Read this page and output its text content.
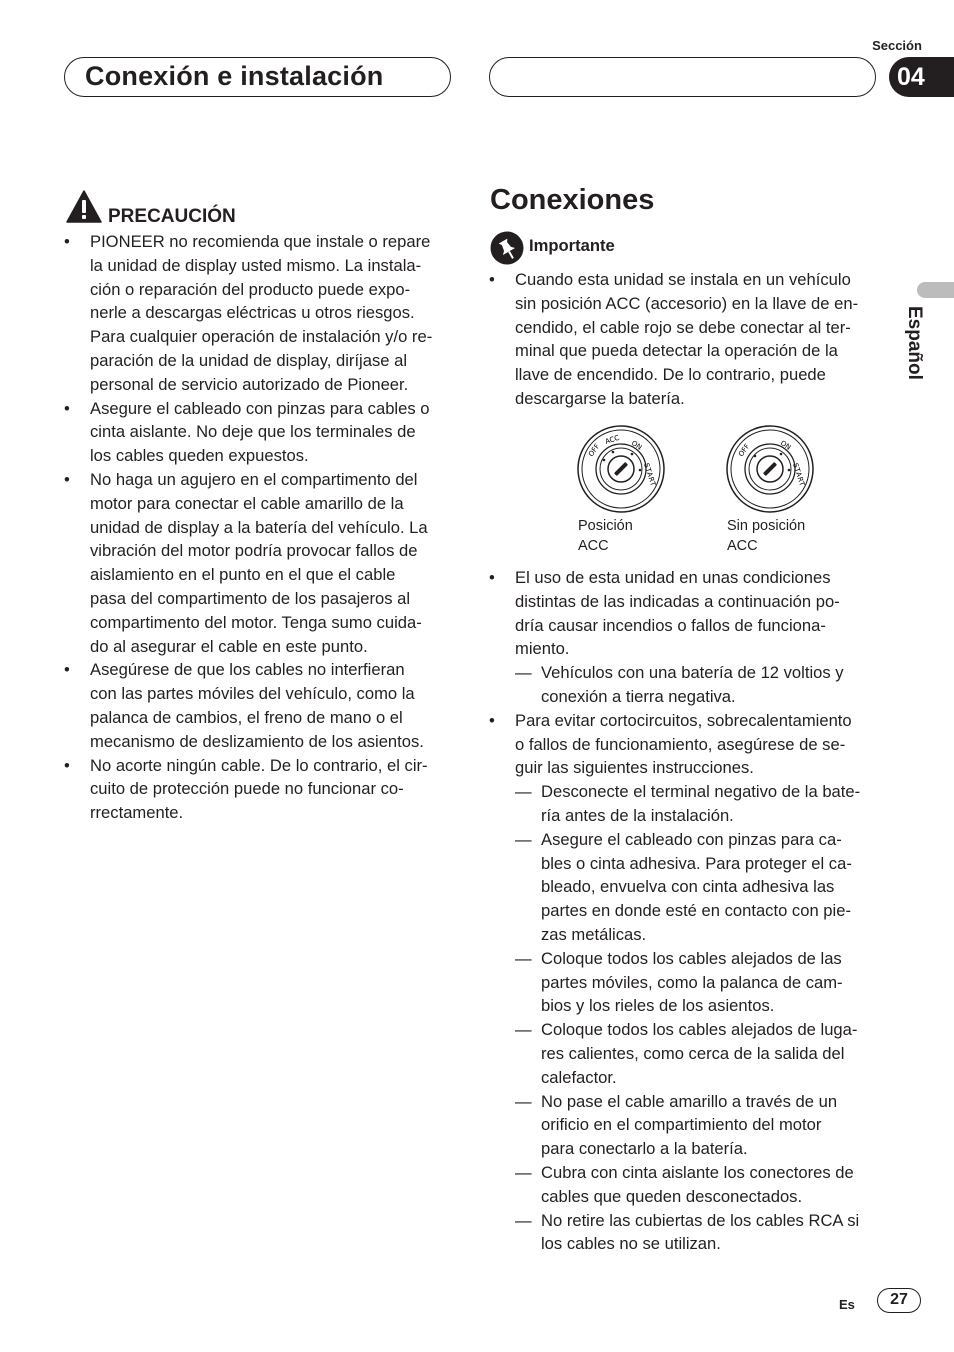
Conexión e instalación
Sección
04
Español
PRECAUCIÓN
• PIONEER no recomienda que instale o repare
la unidad de display usted mismo. La instala-
ción o reparación del producto puede expo-
nerle a descargas eléctricas u otros riesgos.
Para cualquier operación de instalación y/o re-
paración de la unidad de display, diríjase al
personal de servicio autorizado de Pioneer.
• Asegure el cableado con pinzas para cables o
cinta aislante. No deje que los terminales de
los cables queden expuestos.
• No haga un agujero en el compartimento del
motor para conectar el cable amarillo de la
unidad de display a la batería del vehículo. La
vibración del motor podría provocar fallos de
aislamiento en el punto en el que el cable
pasa del compartimento de los pasajeros al
compartimento del motor. Tenga sumo cuida-
do al asegurar el cable en este punto.
• Asegúrese de que los cables no interfieran
con las partes móviles del vehículo, como la
palanca de cambios, el freno de mano o el
mecanismo de deslizamiento de los asientos.
• No acorte ningún cable. De lo contrario, el cir-
cuito de protección puede no funcionar co-
rrectamente.
Conexiones
Importante
• Cuando esta unidad se instala en un vehículo
sin posición ACC (accesorio) en la llave de en-
cendido, el cable rojo se debe conectar al ter-
minal que pueda detectar la operación de la
llave de encendido. De lo contrario, puede
descargarse la batería.
OFF
ACC ON
START
OFF	ON
START
Posición
ACC
Sin posición
ACC
• El uso de esta unidad en unas condiciones
distintas de las indicadas a continuación po-
dría causar incendios o fallos de funciona-
miento.
— Vehículos con una batería de 12 voltios y
conexión a tierra negativa.
• Para evitar cortocircuitos, sobrecalentamiento
o fallos de funcionamiento, asegúrese de se-
guir las siguientes instrucciones.
— Desconecte el terminal negativo de la bate-
ría antes de la instalación.
— Asegure el cableado con pinzas para ca-
bles o cinta adhesiva. Para proteger el ca-
bleado, envuelva con cinta adhesiva las
partes en donde esté en contacto con pie-
zas metálicas.
— Coloque todos los cables alejados de las
partes móviles, como la palanca de cam-
bios y los rieles de los asientos.
— Coloque todos los cables alejados de luga-
res calientes, como cerca de la salida del
calefactor.
— No pase el cable amarillo a través de un
orificio en el compartimiento del motor
para conectarlo a la batería.
— Cubra con cinta aislante los conectores de
cables que queden desconectados.
— No retire las cubiertas de los cables RCA si
los cables no se utilizan.
Es	27
